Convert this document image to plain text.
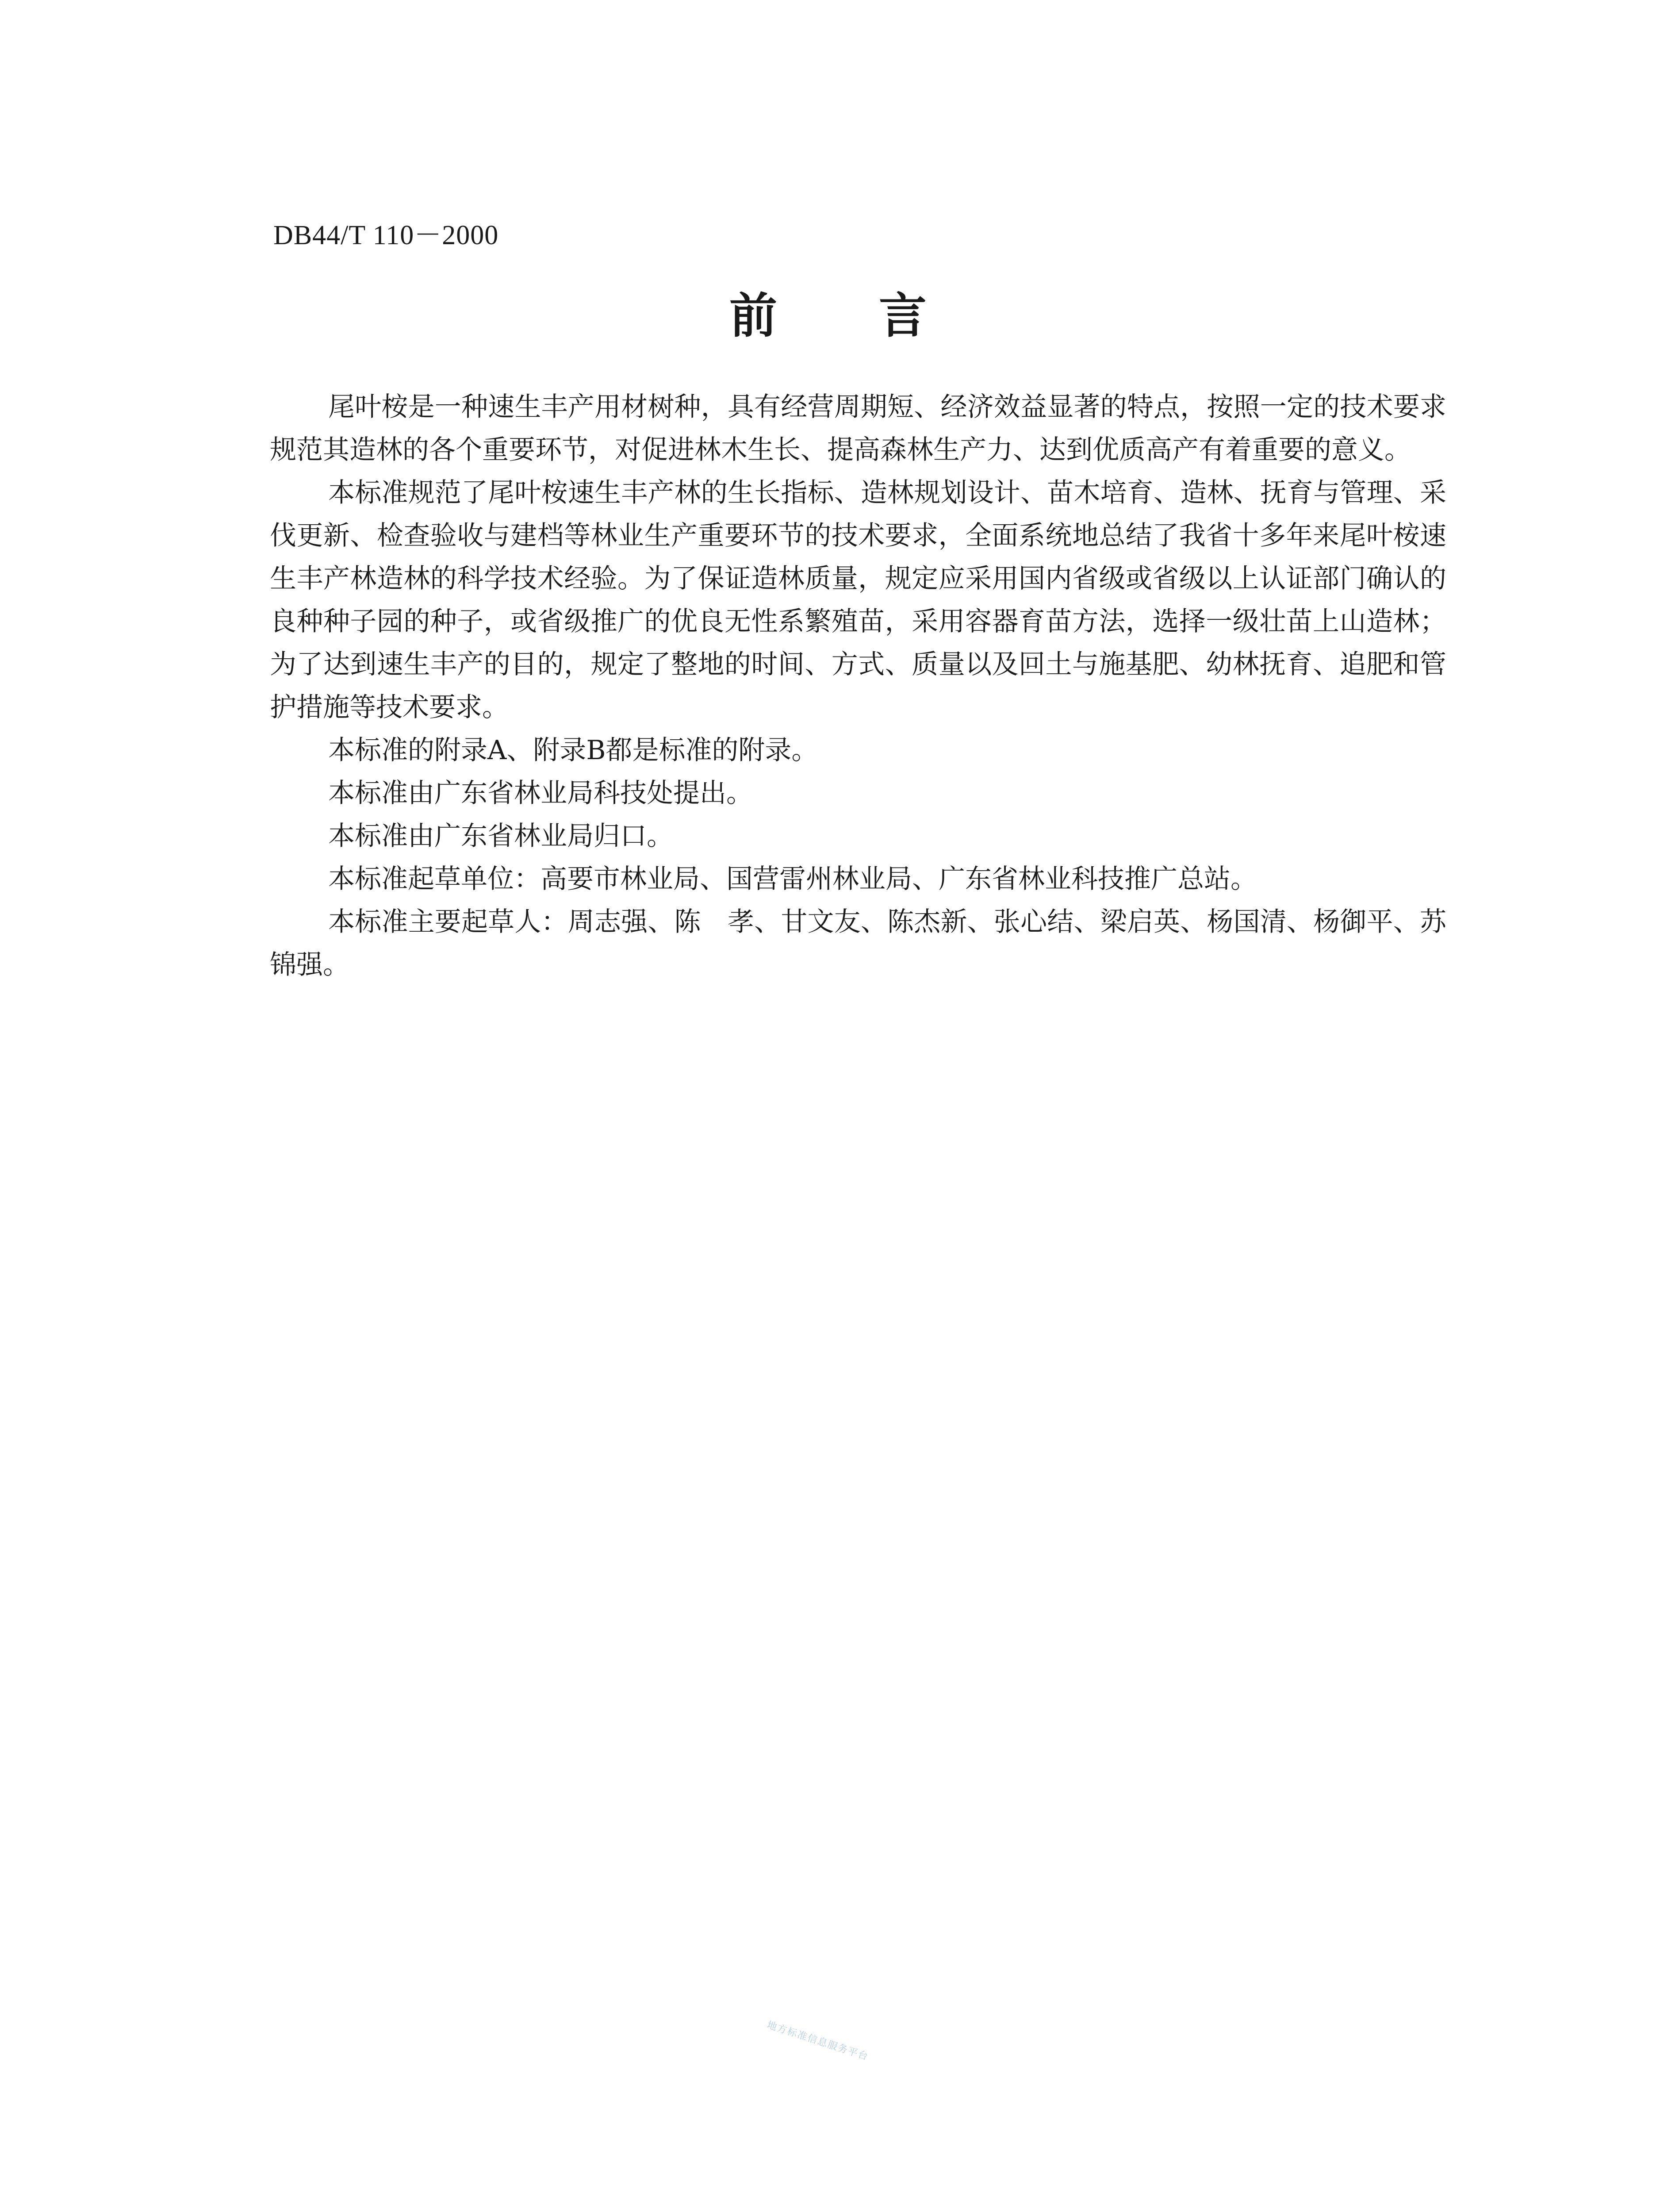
DB44/T 110－2000
前 言

尾叶桉是一种速生丰产用材树种，具有经营周期短、经济效益显著的特点，按照一定的技术要求规范其造林的各个重要环节，对促进林木生长、提高森林生产力、达到优质高产有着重要的意义。

本标准规范了尾叶桉速生丰产林的生长指标、造林规划设计、苗木培育、造林、抚育与管理、采伐更新、检查验收与建档等林业生产重要环节的技术要求，全面系统地总结了我省十多年来尾叶桉速生丰产林造林的科学技术经验。为了保证造林质量，规定应采用国内省级或省级以上认证部门确认的良种种子园的种子，或省级推广的优良无性系繁殖苗，采用容器育苗方法，选择一级壮苗上山造林；为了达到速生丰产的目的，规定了整地的时间、方式、质量以及回土与施基肥、幼林抚育、追肥和管护措施等技术要求。

本标准的附录A、附录B都是标准的附录。

本标准由广东省林业局科技处提出。

本标准由广东省林业局归口。

本标准起草单位：高要市林业局、国营雷州林业局、广东省林业科技推广总站。

本标准主要起草人：周志强、陈　孝、甘文友、陈杰新、张心结、梁启英、杨国清、杨御平、苏锦强。

地方标准信息服务平台
